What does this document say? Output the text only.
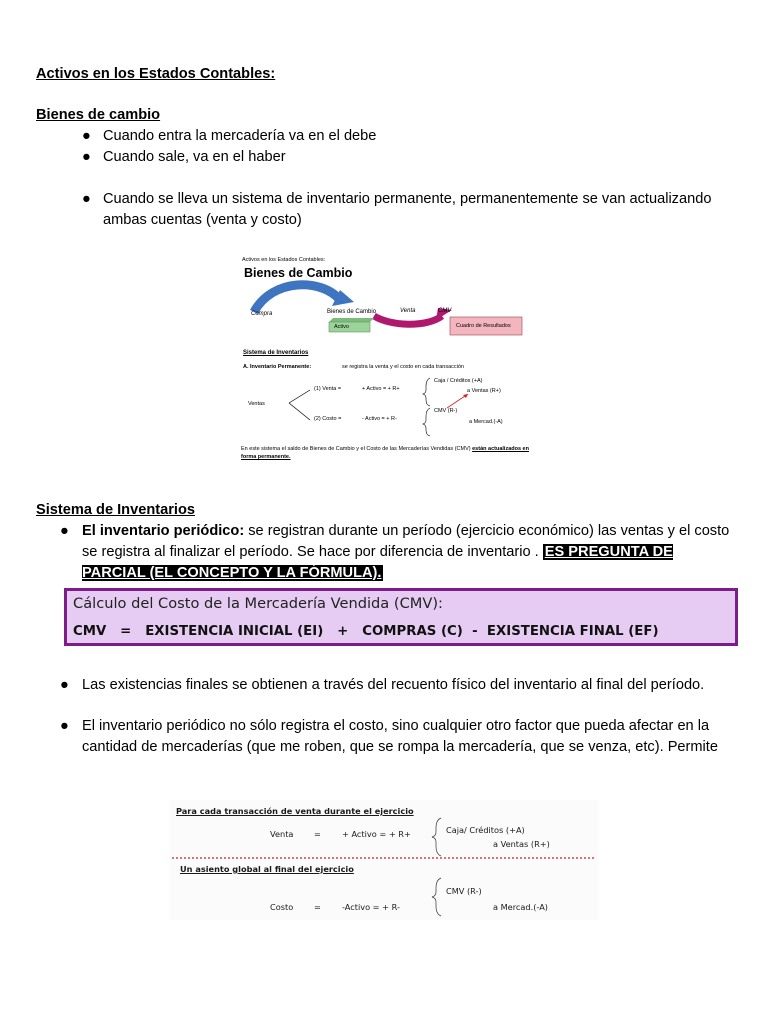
Activos en los Estados Contables:
Bienes de cambio
● Cuando entra la mercadería va en el debe
● Cuando sale, va en el haber
● Cuando se lleva un sistema de inventario permanente, permanentemente se van actualizando ambas cuentas (venta y costo)
Activos en los Estados Contables:
Bienes de Cambio
Compra	Bienes de Cambio
Activo
Venta	CMV
Cuadro de Resultados
Sistema de Inventarios
A. Inventario Permanente:	se registra la venta y el costo en cada transacción
Ventas
(1) Venta =	+ Activo = + R+
(2) Costo =	- Activo = + R-
Caja / Créditos (+A)
a Ventas (R+)
CMV (R-)
a Mercad.(-A)
En este sistema el saldo de Bienes de Cambio y el Costo de las Mercaderías Vendidas (CMV) están actualizados en forma permanente.
Sistema de Inventarios
● El inventario periódico: se registran durante un período (ejercicio económico) las ventas y el costo se registra al finalizar el período. Se hace por diferencia de inventario . ES PREGUNTA DE PARCIAL (EL CONCEPTO Y LA FÓRMULA).
Cálculo del Costo de la Mercadería Vendida (CMV):
CMV   =   EXISTENCIA INICIAL (EI)   +   COMPRAS (C)  -  EXISTENCIA FINAL (EF)
● Las existencias finales se obtienen a través del recuento físico del inventario al final del período.
● El inventario periódico no sólo registra el costo, sino cualquier otro factor que pueda afectar en la cantidad de mercaderías (que me roben, que se rompa la mercadería, que se venza, etc). Permite
Para cada transacción de venta durante el ejercicio
Venta	=	+ Activo = + R+	Caja/ Créditos (+A)
a Ventas (R+)
Un asiento global al final del ejercicio
Costo	=	-Activo = + R-
CMV (R-)
a Mercad.(-A)
